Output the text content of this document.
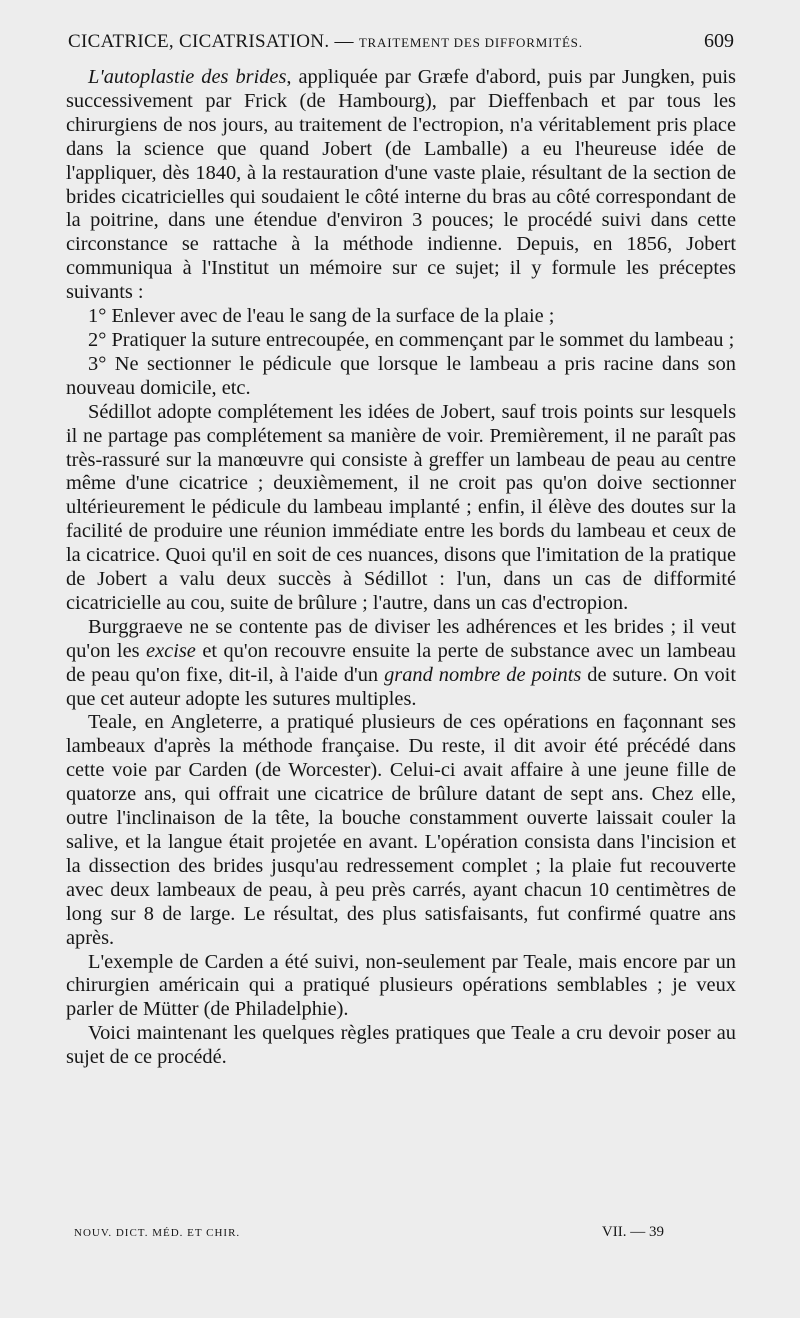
CICATRICE, CICATRISATION. — TRAITEMENT DES DIFFORMITÉS.	609

L'autoplastie des brides, appliquée par Græfe d'abord, puis par Jungken, puis successivement par Frick (de Hambourg), par Dieffenbach et par tous les chirurgiens de nos jours, au traitement de l'ectropion, n'a véritablement pris place dans la science que quand Jobert (de Lamballe) a eu l'heureuse idée de l'appliquer, dès 1840, à la restauration d'une vaste plaie, résultant de la section de brides cicatricielles qui soudaient le côté interne du bras au côté correspondant de la poitrine, dans une étendue d'environ 3 pouces; le procédé suivi dans cette circonstance se rattache à la méthode indienne. Depuis, en 1856, Jobert communiqua à l'Institut un mémoire sur ce sujet; il y formule les préceptes suivants :

1° Enlever avec de l'eau le sang de la surface de la plaie ;

2° Pratiquer la suture entrecoupée, en commençant par le sommet du lambeau ;

3° Ne sectionner le pédicule que lorsque le lambeau a pris racine dans son nouveau domicile, etc.

Sédillot adopte complétement les idées de Jobert, sauf trois points sur lesquels il ne partage pas complétement sa manière de voir. Premièrement, il ne paraît pas très-rassuré sur la manœuvre qui consiste à greffer un lambeau de peau au centre même d'une cicatrice ; deuxièmement, il ne croit pas qu'on doive sectionner ultérieurement le pédicule du lambeau implanté ; enfin, il élève des doutes sur la facilité de produire une réunion immédiate entre les bords du lambeau et ceux de la cicatrice. Quoi qu'il en soit de ces nuances, disons que l'imitation de la pratique de Jobert a valu deux succès à Sédillot : l'un, dans un cas de difformité cicatricielle au cou, suite de brûlure ; l'autre, dans un cas d'ectropion.

Burggraeve ne se contente pas de diviser les adhérences et les brides ; il veut qu'on les excise et qu'on recouvre ensuite la perte de substance avec un lambeau de peau qu'on fixe, dit-il, à l'aide d'un grand nombre de points de suture. On voit que cet auteur adopte les sutures multiples.

Teale, en Angleterre, a pratiqué plusieurs de ces opérations en façonnant ses lambeaux d'après la méthode française. Du reste, il dit avoir été précédé dans cette voie par Carden (de Worcester). Celui-ci avait affaire à une jeune fille de quatorze ans, qui offrait une cicatrice de brûlure datant de sept ans. Chez elle, outre l'inclinaison de la tête, la bouche constamment ouverte laissait couler la salive, et la langue était projetée en avant. L'opération consista dans l'incision et la dissection des brides jusqu'au redressement complet ; la plaie fut recouverte avec deux lambeaux de peau, à peu près carrés, ayant chacun 10 centimètres de long sur 8 de large. Le résultat, des plus satisfaisants, fut confirmé quatre ans après.

L'exemple de Carden a été suivi, non-seulement par Teale, mais encore par un chirurgien américain qui a pratiqué plusieurs opérations semblables ; je veux parler de Mütter (de Philadelphie).

Voici maintenant les quelques règles pratiques que Teale a cru devoir poser au sujet de ce procédé.

NOUV. DICT. MÉD. ET CHIR.	VII. — 39
